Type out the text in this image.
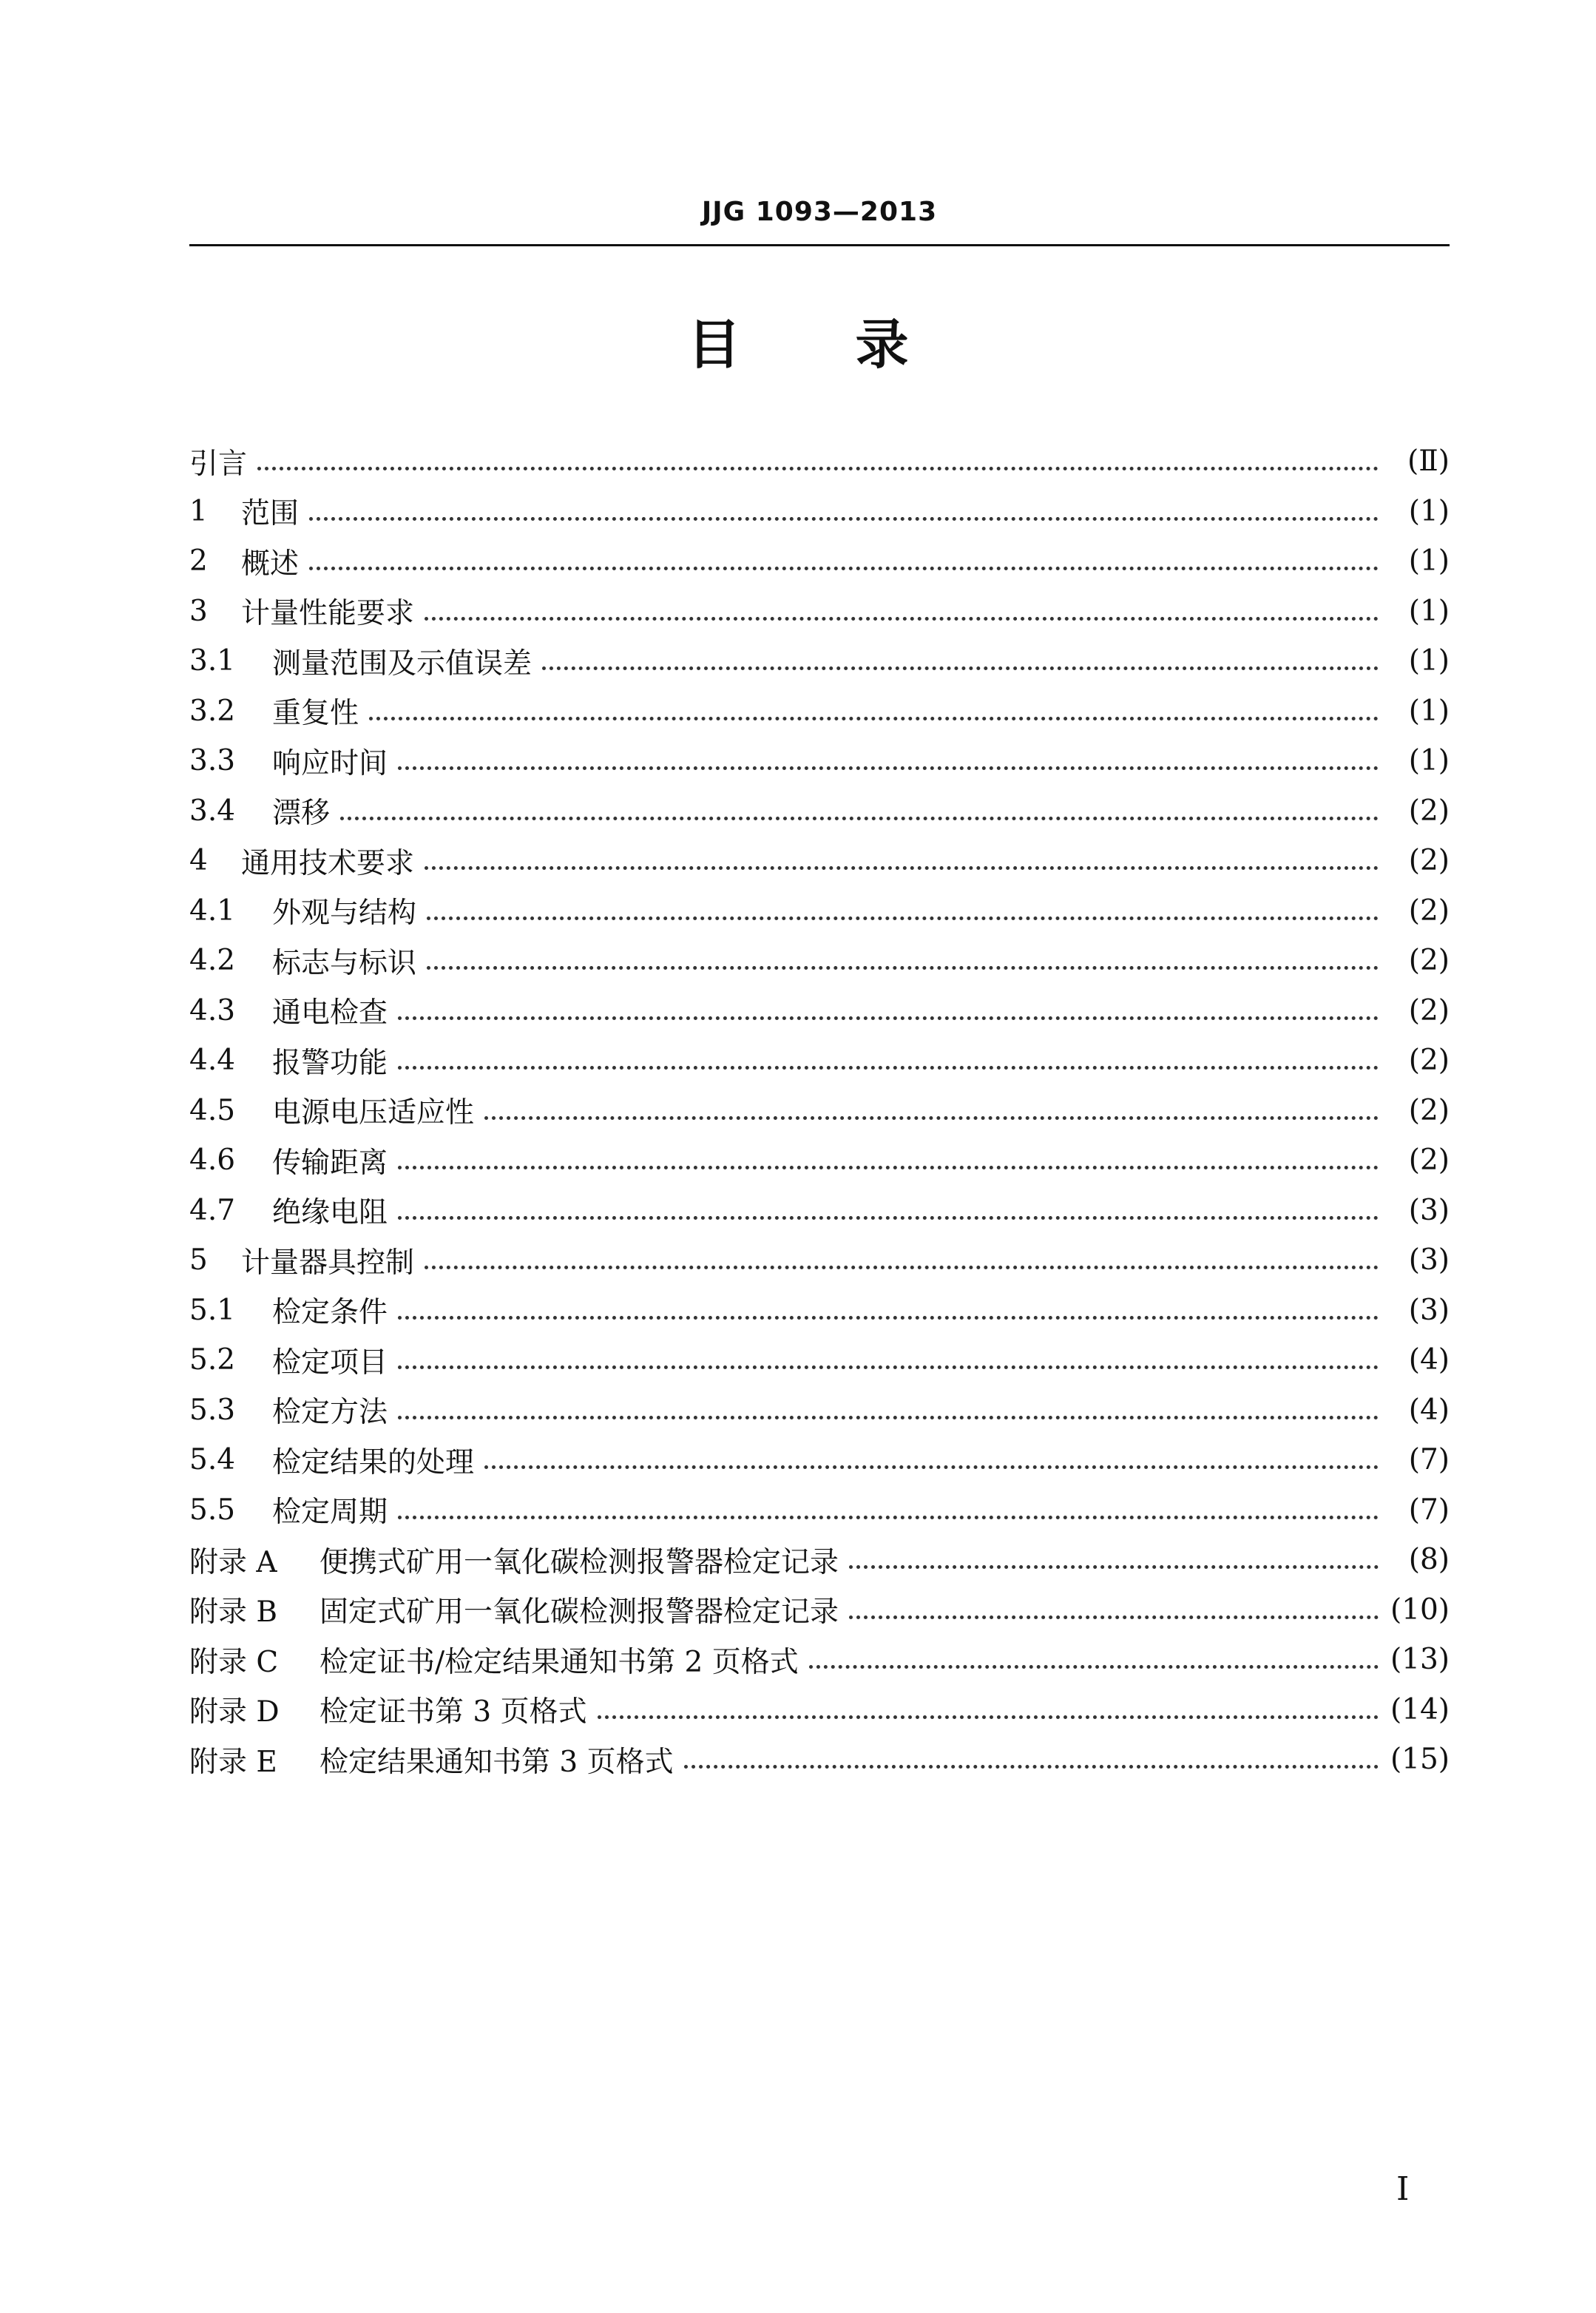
JJG 1093—2013
目 录
引言	(Ⅱ)
1	范围	(1)
2	概述	(1)
3	计量性能要求	(1)
3.1	测量范围及示值误差	(1)
3.2	重复性	(1)
3.3	响应时间	(1)
3.4	漂移	(2)
4	通用技术要求	(2)
4.1	外观与结构	(2)
4.2	标志与标识	(2)
4.3	通电检查	(2)
4.4	报警功能	(2)
4.5	电源电压适应性	(2)
4.6	传输距离	(2)
4.7	绝缘电阻	(3)
5	计量器具控制	(3)
5.1	检定条件	(3)
5.2	检定项目	(4)
5.3	检定方法	(4)
5.4	检定结果的处理	(7)
5.5	检定周期	(7)
附录 A	便携式矿用一氧化碳检测报警器检定记录	(8)
附录 B	固定式矿用一氧化碳检测报警器检定记录	(10)
附录 C	检定证书/检定结果通知书第 2 页格式	(13)
附录 D	检定证书第 3 页格式	(14)
附录 E	检定结果通知书第 3 页格式	(15)
I
